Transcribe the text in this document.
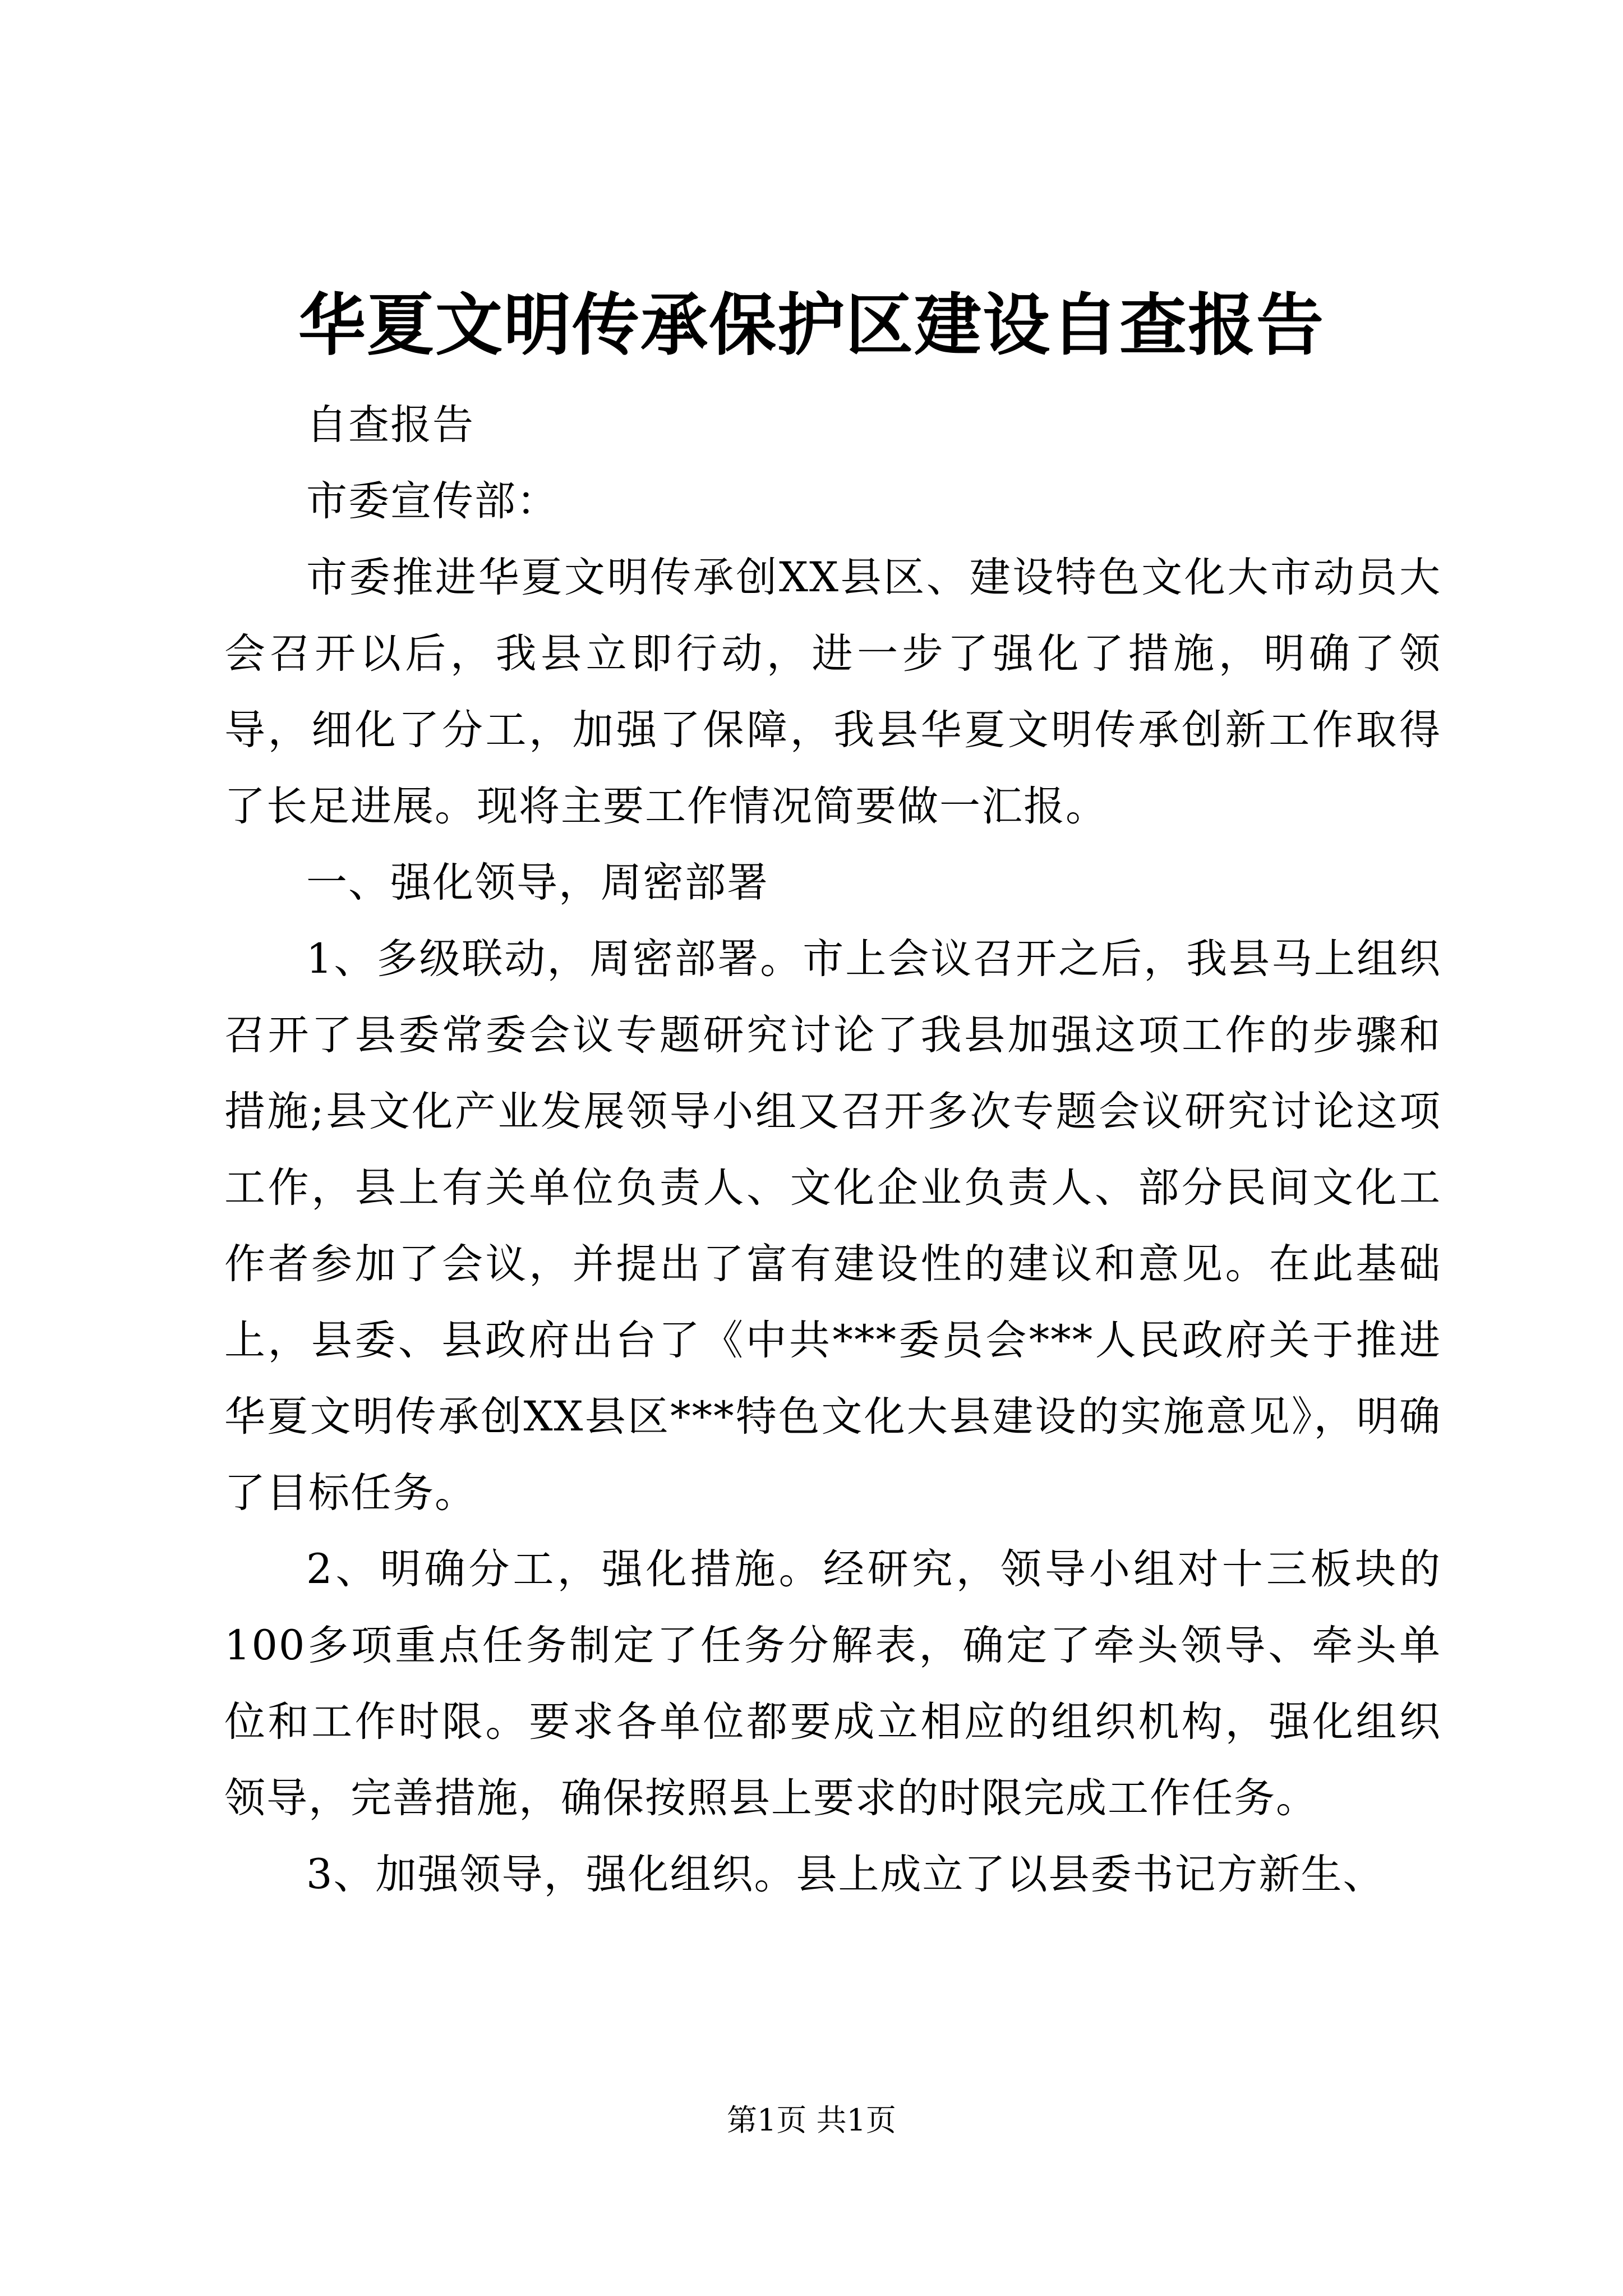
华夏文明传承保护区建设自查报告

自查报告

市委宣传部：

市委推进华夏文明传承创XX县区、建设特色文化大市动员大会召开以后，我县立即行动，进一步了强化了措施，明确了领导，细化了分工，加强了保障，我县华夏文明传承创新工作取得了长足进展。现将主要工作情况简要做一汇报。

一、强化领导，周密部署

1、多级联动，周密部署。市上会议召开之后，我县马上组织召开了县委常委会议专题研究讨论了我县加强这项工作的步骤和措施;县文化产业发展领导小组又召开多次专题会议研究讨论这项工作，县上有关单位负责人、文化企业负责人、部分民间文化工作者参加了会议，并提出了富有建设性的建议和意见。在此基础上，县委、县政府出台了《中共***委员会***人民政府关于推进华夏文明传承创XX县区***特色文化大县建设的实施意见》，明确了目标任务。

2、明确分工，强化措施。经研究，领导小组对十三板块的100多项重点任务制定了任务分解表，确定了牵头领导、牵头单位和工作时限。要求各单位都要成立相应的组织机构，强化组织领导，完善措施，确保按照县上要求的时限完成工作任务。

3、加强领导，强化组织。县上成立了以县委书记方新生、

第1页 共1页
